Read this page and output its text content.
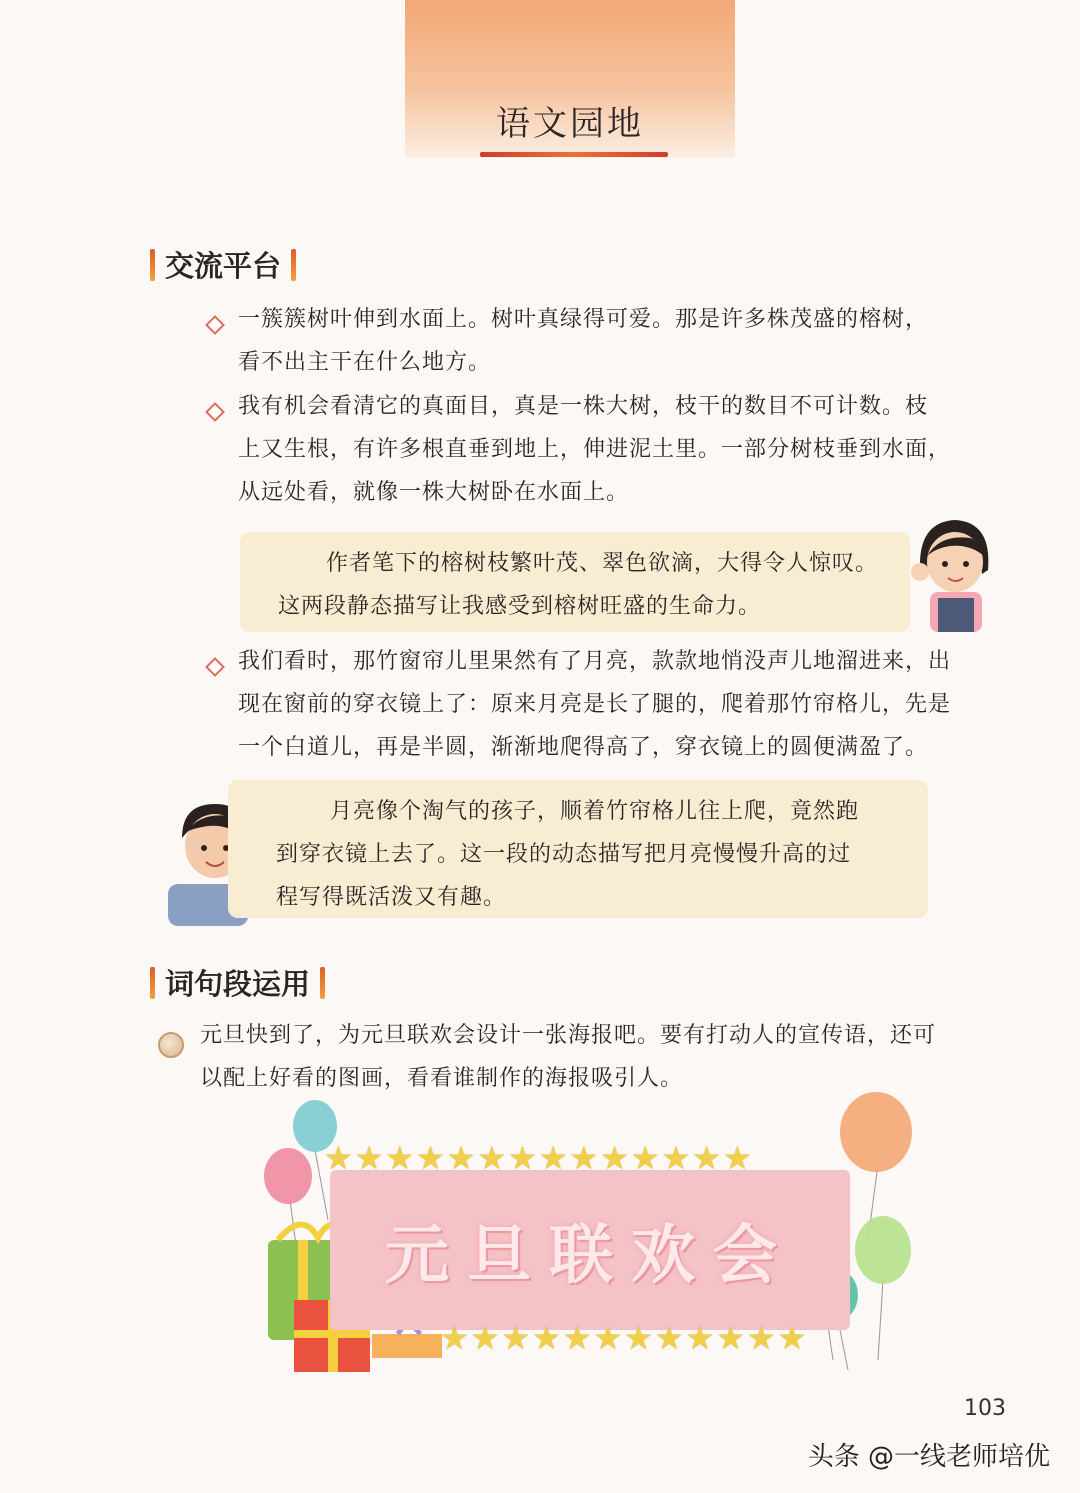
语文园地
交流平台
一簇簇树叶伸到水面上。树叶真绿得可爱。那是许多株茂盛的榕树，
看不出主干在什么地方。
我有机会看清它的真面目，真是一株大树，枝干的数目不可计数。枝
上又生根，有许多根直垂到地上，伸进泥土里。一部分树枝垂到水面，
从远处看，就像一株大树卧在水面上。
作者笔下的榕树枝繁叶茂、翠色欲滴，大得令人惊叹。
这两段静态描写让我感受到榕树旺盛的生命力。
我们看时，那竹窗帘儿里果然有了月亮，款款地悄没声儿地溜进来，出
现在窗前的穿衣镜上了：原来月亮是长了腿的，爬着那竹帘格儿，先是
一个白道儿，再是半圆，渐渐地爬得高了，穿衣镜上的圆便满盈了。
月亮像个淘气的孩子，顺着竹帘格儿往上爬，竟然跑
到穿衣镜上去了。这一段的动态描写把月亮慢慢升高的过
程写得既活泼又有趣。
词句段运用
元旦快到了，为元旦联欢会设计一张海报吧。要有打动人的宣传语，还可
以配上好看的图画，看看谁制作的海报吸引人。
元旦联欢会
★ ★ ★ ★ ★ ★ ★ ★ ★ ★ ★ ★ ★ ★
★ ★ ★ ★ ★ ★ ★ ★ ★ ★ ★ ★
103
头条 @一线老师培优
